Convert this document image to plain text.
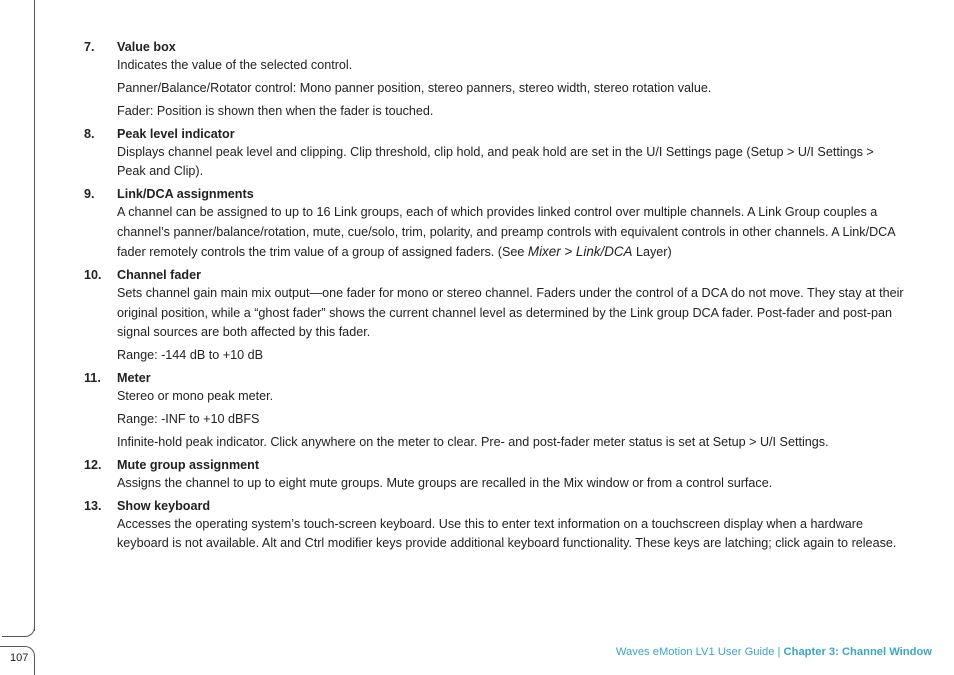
107
7.	Value box

Indicates the value of the selected control.

Panner/Balance/Rotator control: Mono panner position, stereo panners, stereo width, stereo rotation value.

Fader: Position is shown then when the fader is touched.

8.	Peak level indicator

Displays channel peak level and clipping. Clip threshold, clip hold, and peak hold are set in the U/I Settings page (Setup > U/I Settings > Peak and Clip).

9.	Link/DCA assignments

A channel can be assigned to up to 16 Link groups, each of which provides linked control over multiple channels. A Link Group couples a channel’s panner/balance/rotation, mute, cue/solo, trim, polarity, and preamp controls with equivalent controls in other channels. A Link/DCA fader remotely controls the trim value of a group of assigned faders. (See Mixer > Link/DCA Layer)

10.	Channel fader

Sets channel gain main mix output—one fader for mono or stereo channel. Faders under the control of a DCA do not move. They stay at their original position, while a “ghost fader” shows the current channel level as determined by the Link group DCA fader. Post-fader and post-pan signal sources are both affected by this fader.

Range: -144 dB to +10 dB

11.	Meter

Stereo or mono peak meter.

Range: -INF to +10 dBFS

Infinite-hold peak indicator. Click anywhere on the meter to clear. Pre- and post-fader meter status is set at Setup > U/I Settings.

12.	Mute group assignment

Assigns the channel to up to eight mute groups. Mute groups are recalled in the Mix window or from a control surface.

13.	Show keyboard

Accesses the operating system’s touch-screen keyboard. Use this to enter text information on a touchscreen display when a hardware keyboard is not available. Alt and Ctrl modifier keys provide additional keyboard functionality. These keys are latching; click again to release.

Waves eMotion LV1 User Guide | Chapter 3: Channel Window
